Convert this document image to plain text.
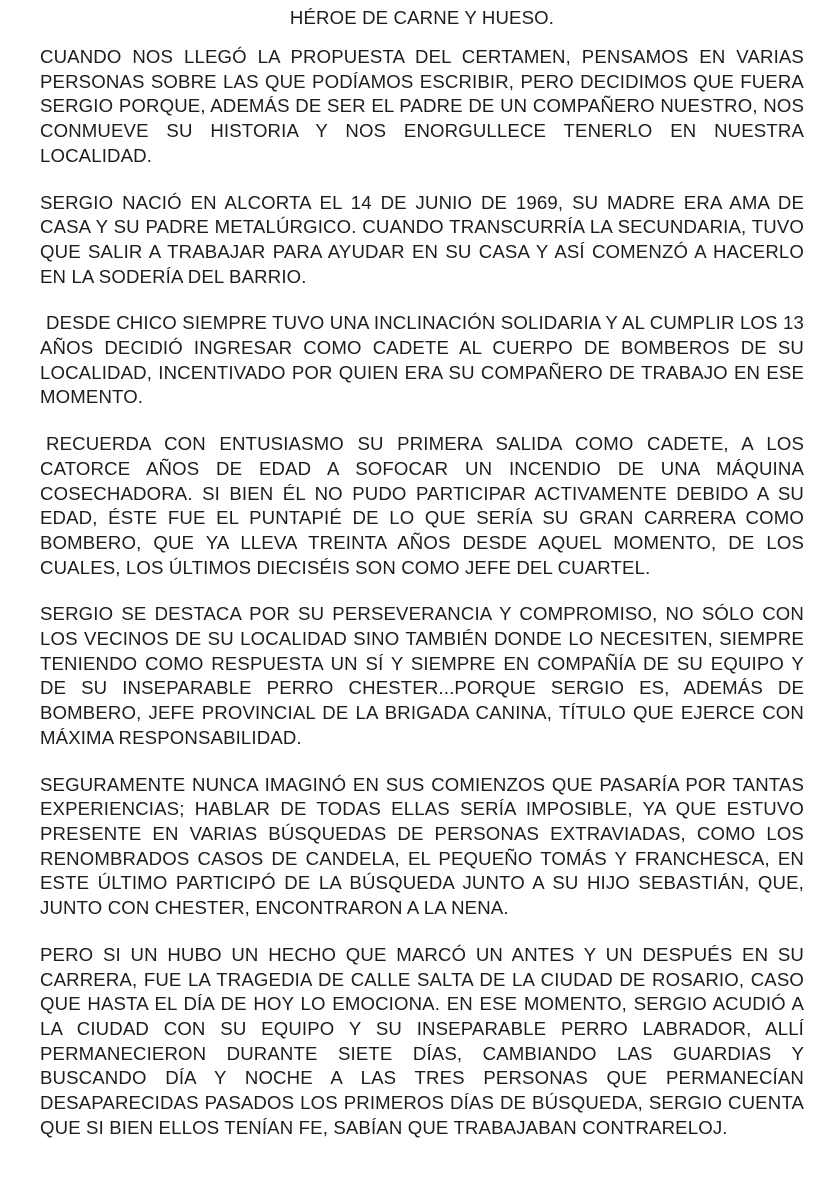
HÉROE DE CARNE Y HUESO.

CUANDO NOS LLEGÓ LA PROPUESTA DEL CERTAMEN, PENSAMOS EN VARIAS PERSONAS SOBRE LAS QUE PODÍAMOS ESCRIBIR, PERO DECIDIMOS QUE FUERA SERGIO PORQUE, ADEMÁS DE SER EL PADRE DE UN COMPAÑERO NUESTRO, NOS CONMUEVE SU HISTORIA Y NOS ENORGULLECE TENERLO EN NUESTRA LOCALIDAD.

SERGIO NACIÓ EN ALCORTA EL 14 DE JUNIO DE 1969, SU MADRE ERA AMA DE CASA Y SU PADRE METALÚRGICO. CUANDO TRANSCURRÍA LA SECUNDARIA, TUVO QUE SALIR A TRABAJAR PARA AYUDAR EN SU CASA Y ASÍ COMENZÓ A HACERLO EN LA SODERÍA DEL BARRIO.

DESDE CHICO SIEMPRE TUVO UNA INCLINACIÓN SOLIDARIA Y AL CUMPLIR LOS 13 AÑOS DECIDIÓ INGRESAR COMO CADETE AL CUERPO DE BOMBEROS DE SU LOCALIDAD, INCENTIVADO POR QUIEN ERA SU COMPAÑERO DE TRABAJO EN ESE MOMENTO.

RECUERDA CON ENTUSIASMO SU PRIMERA SALIDA COMO CADETE, A LOS CATORCE AÑOS DE EDAD A SOFOCAR UN INCENDIO DE UNA MÁQUINA COSECHADORA. SI BIEN ÉL NO PUDO PARTICIPAR ACTIVAMENTE DEBIDO A SU EDAD, ÉSTE FUE EL PUNTAPIÉ DE LO QUE SERÍA SU GRAN CARRERA COMO BOMBERO, QUE YA LLEVA TREINTA AÑOS DESDE AQUEL MOMENTO, DE LOS CUALES, LOS ÚLTIMOS DIECISÉIS SON COMO JEFE DEL CUARTEL.

SERGIO SE DESTACA POR SU PERSEVERANCIA Y COMPROMISO, NO SÓLO CON LOS VECINOS DE SU LOCALIDAD SINO TAMBIÉN DONDE LO NECESITEN, SIEMPRE TENIENDO COMO RESPUESTA UN SÍ Y SIEMPRE EN COMPAÑÍA DE SU EQUIPO Y DE SU INSEPARABLE PERRO CHESTER...PORQUE SERGIO ES, ADEMÁS DE BOMBERO, JEFE PROVINCIAL DE LA BRIGADA CANINA, TÍTULO QUE EJERCE CON MÁXIMA RESPONSABILIDAD.

SEGURAMENTE NUNCA IMAGINÓ EN SUS COMIENZOS QUE PASARÍA POR TANTAS EXPERIENCIAS; HABLAR DE TODAS ELLAS SERÍA IMPOSIBLE, YA QUE ESTUVO PRESENTE EN VARIAS BÚSQUEDAS DE PERSONAS EXTRAVIADAS, COMO LOS RENOMBRADOS CASOS DE CANDELA, EL PEQUEÑO TOMÁS Y FRANCHESCA, EN ESTE ÚLTIMO PARTICIPÓ DE LA BÚSQUEDA JUNTO A SU HIJO SEBASTIÁN, QUE, JUNTO CON CHESTER, ENCONTRARON A LA NENA.

PERO SI UN HUBO UN HECHO QUE MARCÓ UN ANTES Y UN DESPUÉS EN SU CARRERA, FUE LA TRAGEDIA DE CALLE SALTA DE LA CIUDAD DE ROSARIO, CASO QUE HASTA EL DÍA DE HOY LO EMOCIONA. EN ESE MOMENTO, SERGIO ACUDIÓ A LA CIUDAD CON SU EQUIPO Y SU INSEPARABLE PERRO LABRADOR, ALLÍ PERMANECIERON DURANTE SIETE DÍAS, CAMBIANDO LAS GUARDIAS Y BUSCANDO DÍA Y NOCHE A LAS TRES PERSONAS QUE PERMANECÍAN DESAPARECIDAS PASADOS LOS PRIMEROS DÍAS DE BÚSQUEDA, SERGIO CUENTA QUE SI BIEN ELLOS TENÍAN FE, SABÍAN QUE TRABAJABAN CONTRARELOJ.
